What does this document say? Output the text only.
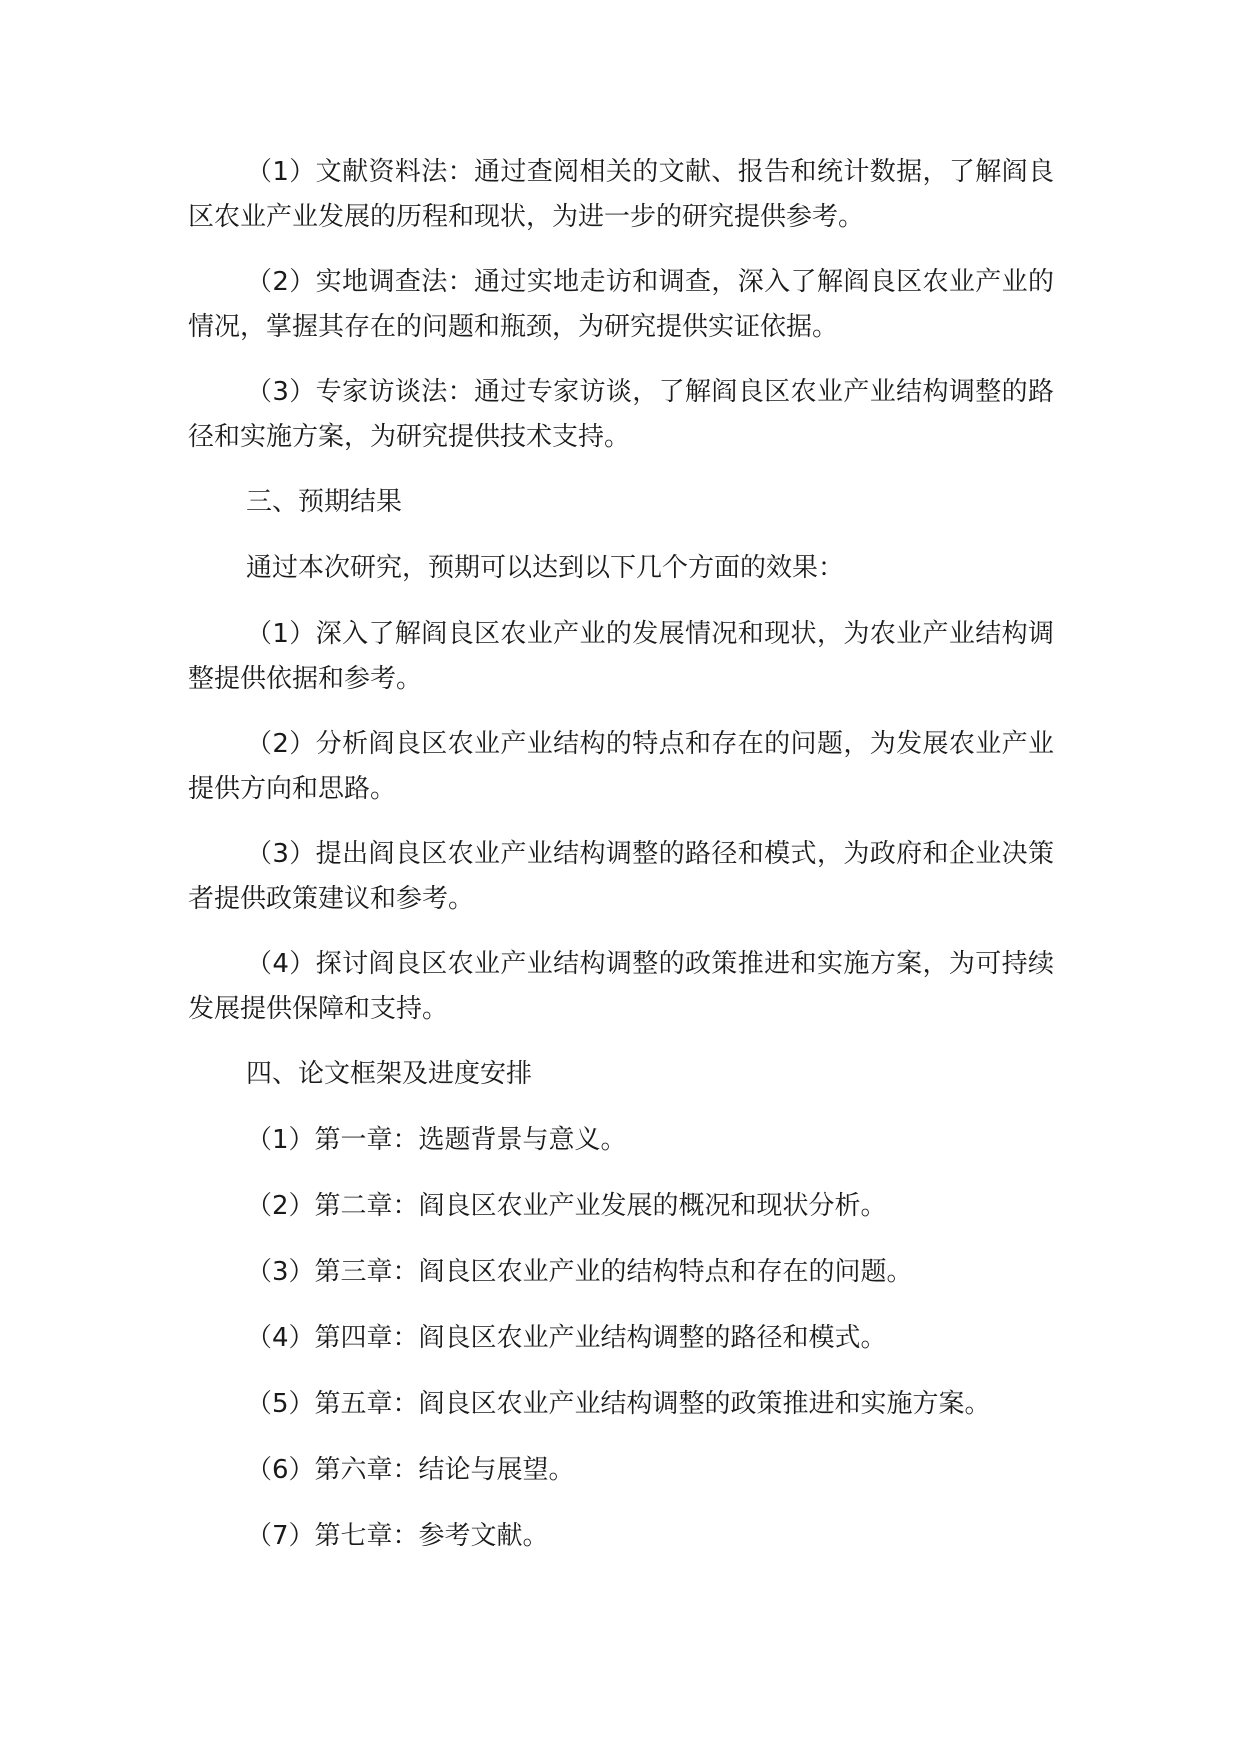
（1）文献资料法：通过查阅相关的文献、报告和统计数据，了解阎良区农业产业发展的历程和现状，为进一步的研究提供参考。

（2）实地调查法：通过实地走访和调查，深入了解阎良区农业产业的情况，掌握其存在的问题和瓶颈，为研究提供实证依据。

（3）专家访谈法：通过专家访谈，了解阎良区农业产业结构调整的路径和实施方案，为研究提供技术支持。

三、预期结果

通过本次研究，预期可以达到以下几个方面的效果：

（1）深入了解阎良区农业产业的发展情况和现状，为农业产业结构调整提供依据和参考。

（2）分析阎良区农业产业结构的特点和存在的问题，为发展农业产业提供方向和思路。

（3）提出阎良区农业产业结构调整的路径和模式，为政府和企业决策者提供政策建议和参考。

（4）探讨阎良区农业产业结构调整的政策推进和实施方案，为可持续发展提供保障和支持。

四、论文框架及进度安排

（1）第一章：选题背景与意义。

（2）第二章：阎良区农业产业发展的概况和现状分析。

（3）第三章：阎良区农业产业的结构特点和存在的问题。

（4）第四章：阎良区农业产业结构调整的路径和模式。

（5）第五章：阎良区农业产业结构调整的政策推进和实施方案。

（6）第六章：结论与展望。

（7）第七章：参考文献。
